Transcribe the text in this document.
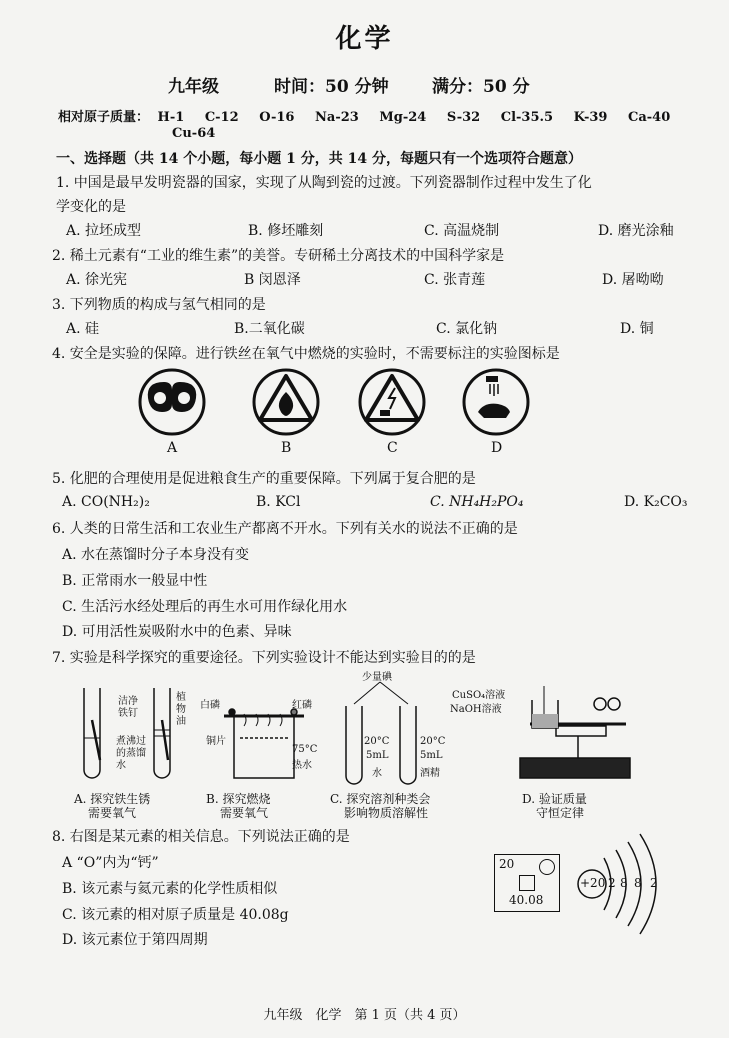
化学
九年级	时间：50 分钟	满分：50 分
相对原子质量： H-1 C-12 O-16 Na-23 Mg-24 S-32 Cl-35.5 K-39 Ca-40
Cu-64
一、选择题（共 14 个小题，每小题 1 分，共 14 分，每题只有一个选项符合题意）
1. 中国是最早发明瓷器的国家，实现了从陶到瓷的过渡。下列瓷器制作过程中发生了化
学变化的是
A. 拉坯成型	B. 修坯雕刻	C. 高温烧制	D. 磨光涂釉
2. 稀土元素有“工业的维生素”的美誉。专研稀土分离技术的中国科学家是
A. 徐光宪	B 闵恩泽	C. 张青莲	D. 屠呦呦
3. 下列物质的构成与氢气相同的是
A. 硅	B.二氧化碳	C. 氯化钠	D. 铜
4. 安全是实验的保障。进行铁丝在氧气中燃烧的实验时，不需要标注的实验图标是
A	B	C	D
5. 化肥的合理使用是促进粮食生产的重要保障。下列属于复合肥的是
A. CO(NH₂)₂	B. KCl	C. NH₄H₂PO₄	D. K₂CO₃
6. 人类的日常生活和工农业生产都离不开水。下列有关水的说法不正确的是
A. 水在蒸馏时分子本身没有变
B. 正常雨水一般显中性
C. 生活污水经处理后的再生水可用作绿化用水
D. 可用活性炭吸附水中的色素、异味
7. 实验是科学探究的重要途径。下列实验设计不能达到实验目的的是
洁净铁钉
植物油
煮沸过的蒸馏水
A. 探究铁生锈
需要氧气
白磷	红磷
铜片
75°C
热水
B. 探究燃烧
需要氧气
少量碘
20°C
5mL
水
20°C
5mL
酒精
C. 探究溶剂种类会
影响物质溶解性
CuSO₄溶液
NaOH溶液
D. 验证质量
守恒定律
8. 右图是某元素的相关信息。下列说法正确的是
A “O”内为“钙”
B. 该元素与氦元素的化学性质相似
C. 该元素的相对原子质量是 40.08g
D. 该元素位于第四周期
20
40.08
+20 2 8 8 2
九年级　化学　第 1 页（共 4 页）
